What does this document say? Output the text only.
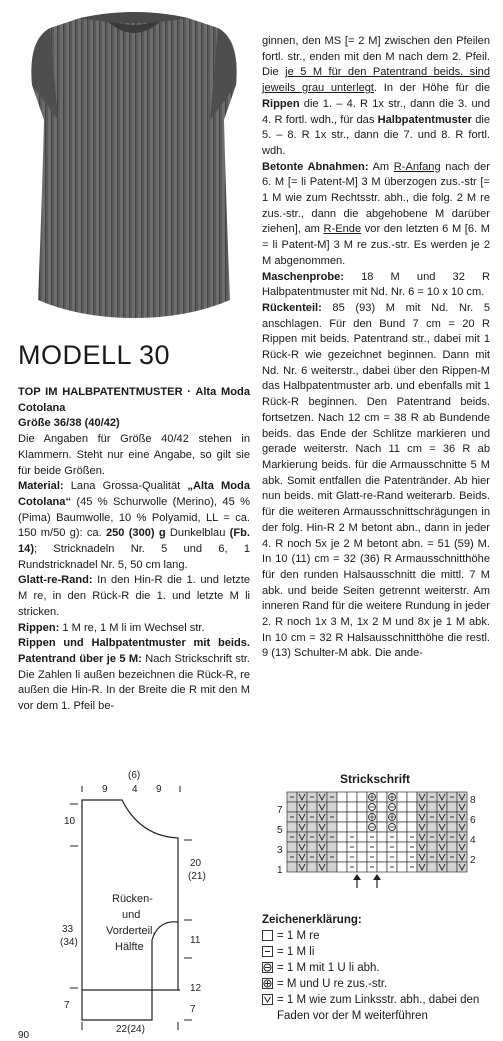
MODELL 30

TOP IM HALBPATENTMUSTER · Alta Moda Cotolana

Größe 36/38 (40/42)

Die Angaben für Größe 40/42 stehen in Klammern. Steht nur eine Angabe, so gilt sie für beide Größen.

Material: Lana Grossa-Qualität „Alta Moda Cotolana“ (45 % Schurwolle (Merino), 45 % (Pima) Baumwolle, 10 % Polyamid, LL = ca. 150 m/50 g): ca. 250 (300) g Dunkelblau (Fb. 14); Stricknadeln Nr. 5 und 6, 1 Rundstricknadel Nr. 5, 50 cm lang.

Glatt-re-Rand: In den Hin-R die 1. und letzte M re, in den Rück-R die 1. und letzte M li stricken.

Rippen: 1 M re, 1 M li im Wechsel str.

Rippen und Halbpatentmuster mit beids. Patentrand über je 5 M: Nach Strickschrift str. Die Zahlen li außen bezeichnen die Rück-R, re außen die Hin-R. In der Breite die R mit den M vor dem 1. Pfeil be-

ginnen, den MS [= 2 M] zwischen den Pfeilen fortl. str., enden mit den M nach dem 2. Pfeil. Die je 5 M für den Patentrand beids. sind jeweils grau unterlegt. In der Höhe für die Rippen die 1. – 4. R 1x str., dann die 3. und 4. R fortl. wdh., für das Halbpatentmuster die 5. – 8. R 1x str., dann die 7. und 8. R fortl. wdh.

Betonte Abnahmen: Am R-Anfang nach der 6. M [= li Patent-M] 3 M überzogen zus.-str [= 1 M wie zum Rechtsstr. abh., die folg. 2 M re zus.-str., dann die abgehobene M darüber ziehen], am R-Ende vor den letzten 6 M [6. M = li Patent-M] 3 M re zus.-str. Es werden je 2 M abgenommen.

Maschenprobe: 18 M und 32 R Halbpatentmuster mit Nd. Nr. 6 = 10 x 10 cm.

Rückenteil: 85 (93) M mit Nd. Nr. 5 anschlagen. Für den Bund 7 cm = 20 R Rippen mit beids. Patentrand str., dabei mit 1 Rück-R wie gezeichnet beginnen. Dann mit Nd. Nr. 6 weiterstr., dabei über den Rippen-M das Halbpatentmuster arb. und ebenfalls mit 1 Rück-R beginnen. Den Patentrand beids. fortsetzen. Nach 12 cm = 38 R ab Bundende beids. das Ende der Schlitze markieren und gerade weiterstr. Nach 11 cm = 36 R ab Markierung beids. für die Armausschnitte 5 M abk. Somit entfallen die Patentränder. Ab hier nun beids. mit Glatt-re-Rand weiterarb. Beids. für die weiteren Armausschnittschrägungen in der folg. Hin-R 2 M betont abn., dann in jeder 4. R noch 5x je 2 M betont abn. = 51 (59) M. In 10 (11) cm = 32 (36) R Armausschnitthöhe für den runden Halsausschnitt die mittl. 7 M abk. und beide Seiten getrennt weiterstr. Am inneren Rand für die weitere Rundung in jeder 2. R noch 1x 3 M, 1x 2 M und 8x je 1 M abk. In 10 cm = 32 R Halsausschnitthöhe die restl. 9 (13) Schulter-M abk. Die ande-

(6)
9 4 9
10
33
(34)
7
20
(21)
11
12
7
Rücken-
und
Vorderteil,
Hälfte
22(24)
Strickschrift
7
5
3
1
8
6
4
2
Zeichenerklärung:
= 1 M re
= 1 M li
= 1 M mit 1 U li abh.
= M und U re zus.-str.
= 1 M wie zum Linksstr. abh., dabei den Faden vor der M weiterführen
90
